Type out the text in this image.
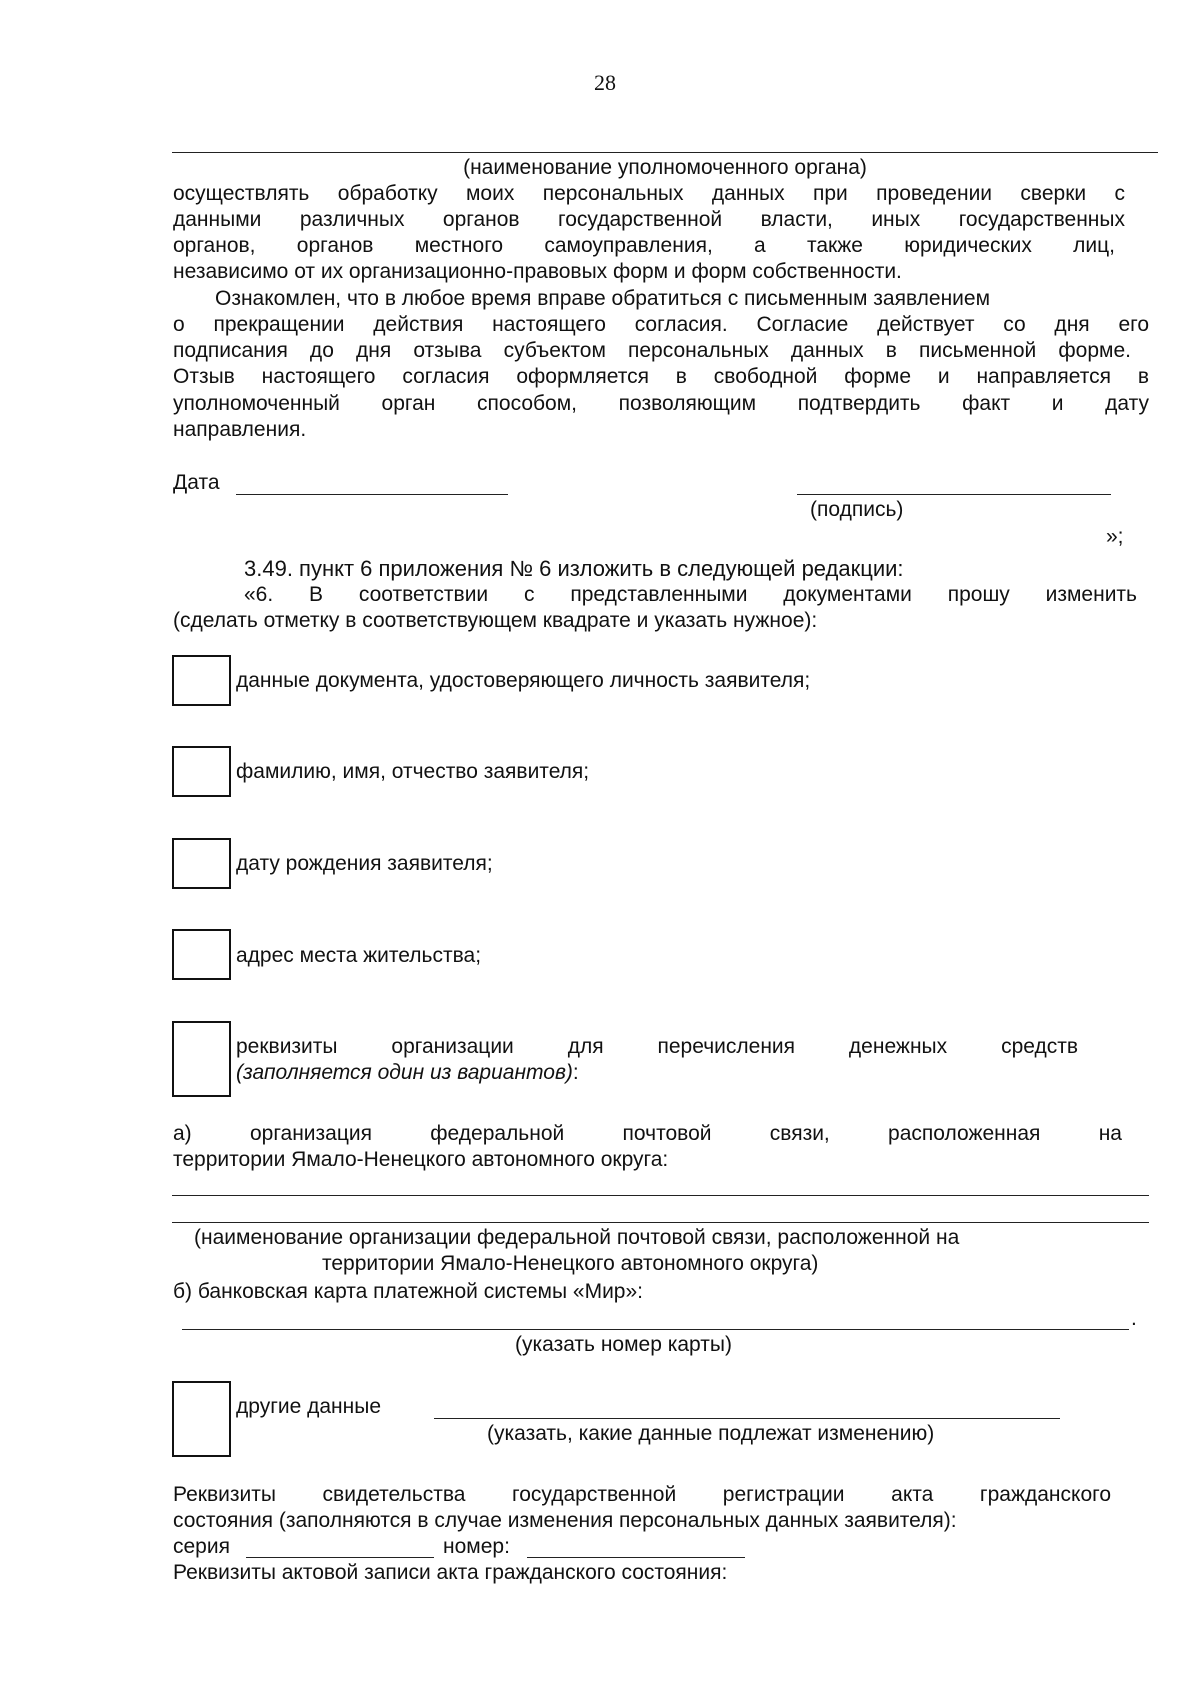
28
(наименование уполномоченного органа)
осуществлять обработку моих персональных данных при проведении сверки с
данными различных органов государственной власти, иных государственных
органов, органов местного самоуправления, а также юридических лиц,
независимо от их организационно-правовых форм и форм собственности.
Ознакомлен, что в любое время вправе обратиться с письменным заявлением
о прекращении действия настоящего согласия. Согласие действует со дня его
подписания до дня отзыва субъектом персональных данных в письменной форме.
Отзыв настоящего согласия оформляется в свободной форме и направляется в
уполномоченный орган способом, позволяющим подтвердить факт и дату
направления.
Дата
(подпись)
»;
3.49. пункт 6 приложения № 6 изложить в следующей редакции:
«6. В соответствии с представленными документами прошу изменить
(сделать отметку в соответствующем квадрате и указать нужное):
данные документа, удостоверяющего личность заявителя;
фамилию, имя, отчество заявителя;
дату рождения заявителя;
адрес места жительства;
реквизиты организации для перечисления денежных средств
(заполняется один из вариантов):
а) организация федеральной почтовой связи, расположенная на
территории Ямало-Ненецкого автономного округа:
(наименование организации федеральной почтовой связи, расположенной на
территории Ямало-Ненецкого автономного округа)
б) банковская карта платежной системы «Мир»:
.
(указать номер карты)
другие данные
(указать, какие данные подлежат изменению)
Реквизиты свидетельства государственной регистрации акта гражданского
состояния (заполняются в случае изменения персональных данных заявителя):
серия	номер:
Реквизиты актовой записи акта гражданского состояния:
